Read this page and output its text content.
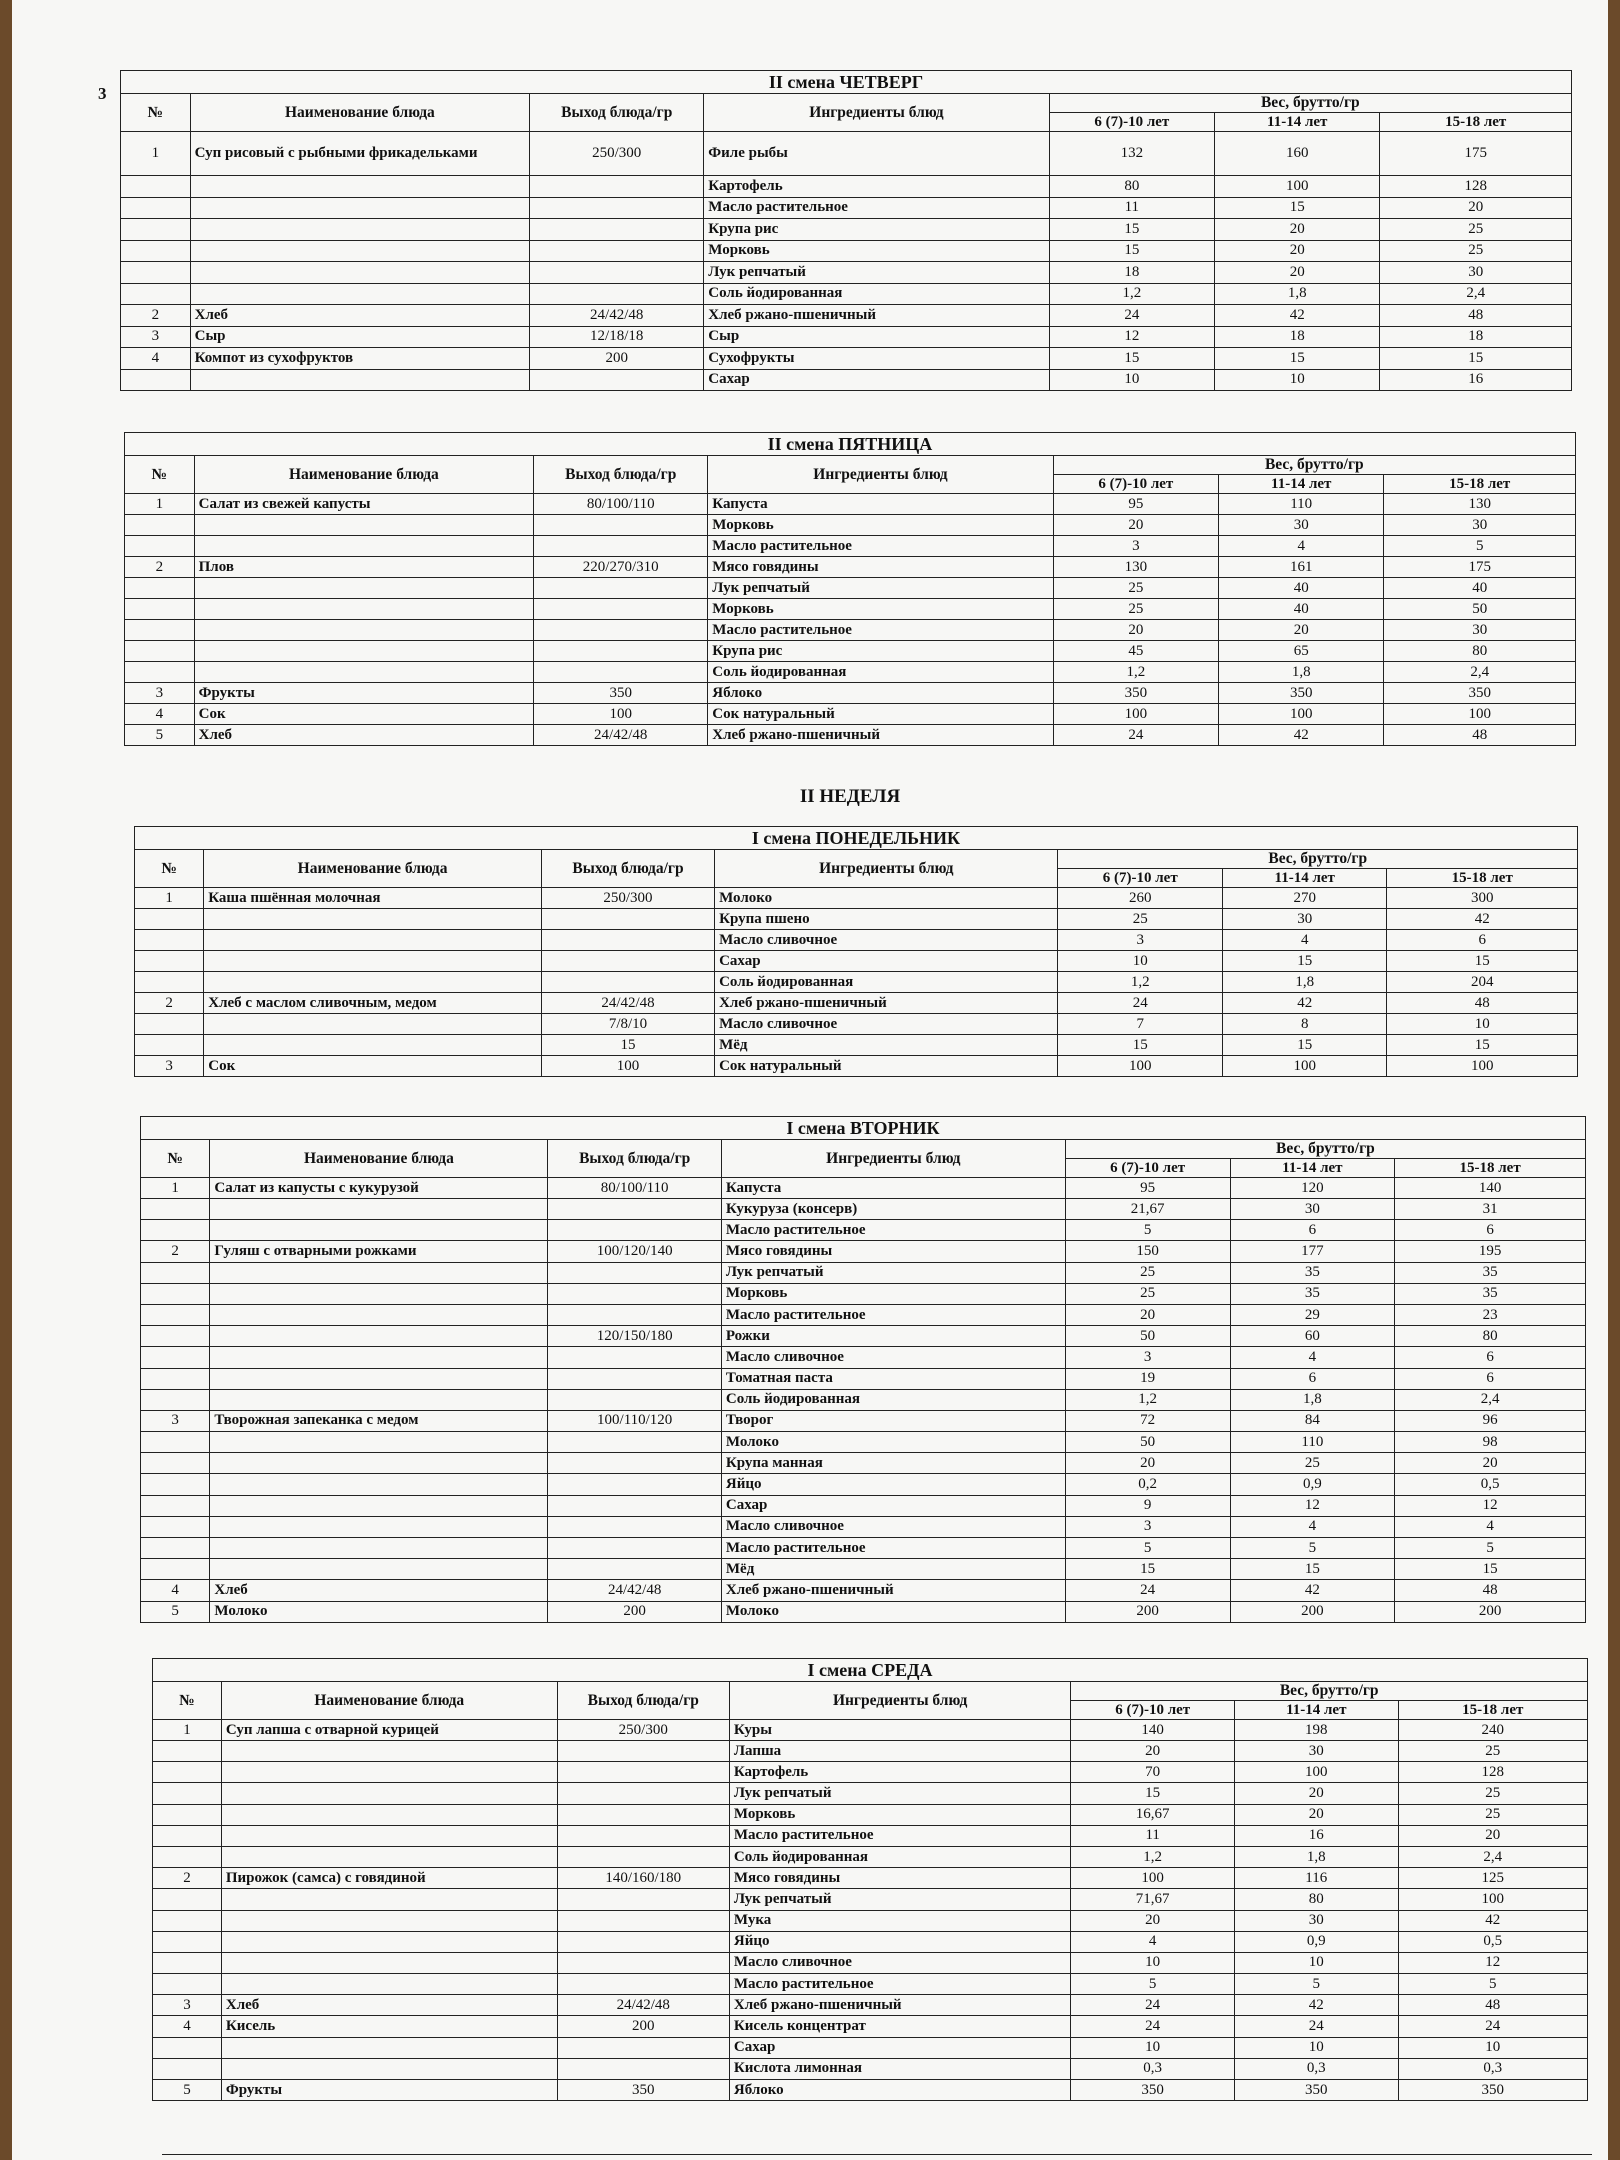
3
II смена ЧЕТВЕРГ						
№	Наименование блюда	Выход блюда/гр	Ингредиенты блюд	Вес, брутто/гр		
				6 (7)-10 лет	11-14 лет	15-18 лет
1	Суп рисовый с рыбными фрикадельками	250/300	Филе рыбы	132	160	175
			Картофель	80	100	128
			Масло растительное	11	15	20
			Крупа рис	15	20	25
			Морковь	15	20	25
			Лук репчатый	18	20	30
			Соль йодированная	1,2	1,8	2,4
2	Хлеб	24/42/48	Хлеб ржано-пшеничный	24	42	48
3	Сыр	12/18/18	Сыр	12	18	18
4	Компот из сухофруктов	200	Сухофрукты	15	15	15
			Сахар	10	10	16
II смена ПЯТНИЦА						
№	Наименование блюда	Выход блюда/гр	Ингредиенты блюд	Вес, брутто/гр		
				6 (7)-10 лет	11-14 лет	15-18 лет
1	Салат из свежей капусты	80/100/110	Капуста	95	110	130
			Морковь	20	30	30
			Масло растительное	3	4	5
2	Плов	220/270/310	Мясо говядины	130	161	175
			Лук репчатый	25	40	40
			Морковь	25	40	50
			Масло растительное	20	20	30
			Крупа рис	45	65	80
			Соль йодированная	1,2	1,8	2,4
3	Фрукты	350	Яблоко	350	350	350
4	Сок	100	Сок натуральный	100	100	100
5	Хлеб	24/42/48	Хлеб ржано-пшеничный	24	42	48
II НЕДЕЛЯ
I смена ПОНЕДЕЛЬНИК						
№	Наименование блюда	Выход блюда/гр	Ингредиенты блюд	Вес, брутто/гр		
				6 (7)-10 лет	11-14 лет	15-18 лет
1	Каша пшённая молочная	250/300	Молоко	260	270	300
			Крупа пшено	25	30	42
			Масло сливочное	3	4	6
			Сахар	10	15	15
			Соль йодированная	1,2	1,8	204
2	Хлеб с маслом сливочным, медом	24/42/48	Хлеб ржано-пшеничный	24	42	48
		7/8/10	Масло сливочное	7	8	10
		15	Мёд	15	15	15
3	Сок	100	Сок натуральный	100	100	100
I смена ВТОРНИК						
№	Наименование блюда	Выход блюда/гр	Ингредиенты блюд	Вес, брутто/гр		
				6 (7)-10 лет	11-14 лет	15-18 лет
1	Салат из капусты с кукурузой	80/100/110	Капуста	95	120	140
			Кукуруза (консерв)	21,67	30	31
			Масло растительное	5	6	6
2	Гуляш с отварными рожками	100/120/140	Мясо говядины	150	177	195
			Лук репчатый	25	35	35
			Морковь	25	35	35
			Масло растительное	20	29	23
		120/150/180	Рожки	50	60	80
			Масло сливочное	3	4	6
			Томатная паста	19	6	6
			Соль йодированная	1,2	1,8	2,4
3	Творожная запеканка с медом	100/110/120	Творог	72	84	96
			Молоко	50	110	98
			Крупа манная	20	25	20
			Яйцо	0,2	0,9	0,5
			Сахар	9	12	12
			Масло сливочное	3	4	4
			Масло растительное	5	5	5
			Мёд	15	15	15
4	Хлеб	24/42/48	Хлеб ржано-пшеничный	24	42	48
5	Молоко	200	Молоко	200	200	200
I смена СРЕДА						
№	Наименование блюда	Выход блюда/гр	Ингредиенты блюд	Вес, брутто/гр		
				6 (7)-10 лет	11-14 лет	15-18 лет
1	Суп лапша с отварной курицей	250/300	Куры	140	198	240
			Лапша	20	30	25
			Картофель	70	100	128
			Лук репчатый	15	20	25
			Морковь	16,67	20	25
			Масло растительное	11	16	20
			Соль йодированная	1,2	1,8	2,4
2	Пирожок (самса) с говядиной	140/160/180	Мясо говядины	100	116	125
			Лук репчатый	71,67	80	100
			Мука	20	30	42
			Яйцо	4	0,9	0,5
			Масло сливочное	10	10	12
			Масло растительное	5	5	5
3	Хлеб	24/42/48	Хлеб ржано-пшеничный	24	42	48
4	Кисель	200	Кисель концентрат	24	24	24
			Сахар	10	10	10
			Кислота лимонная	0,3	0,3	0,3
5	Фрукты	350	Яблоко	350	350	350
